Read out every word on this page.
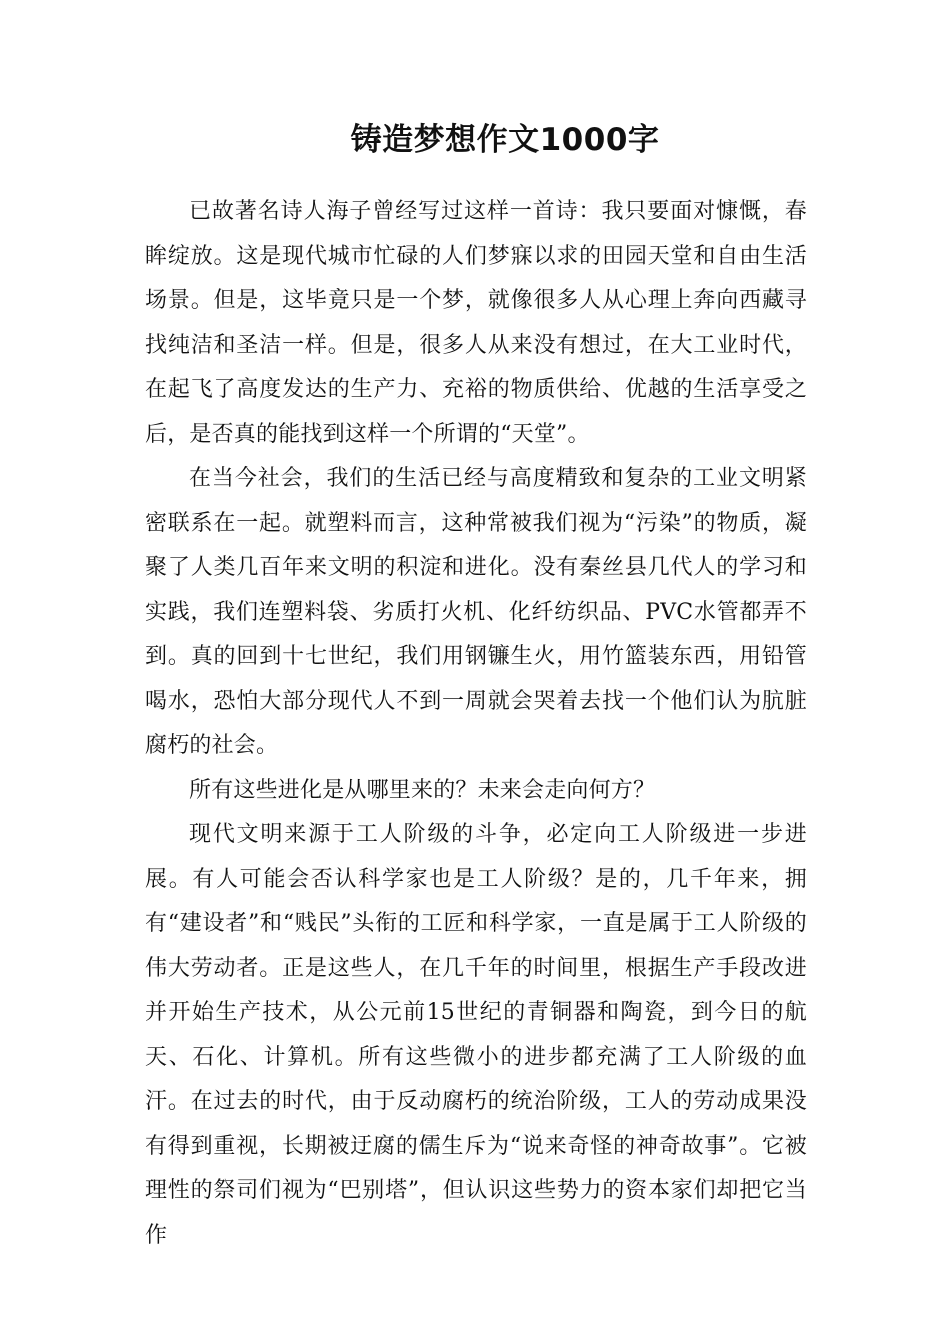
铸造梦想作文1000字

已故著名诗人海子曾经写过这样一首诗：我只要面对慷慨，春眸绽放。这是现代城市忙碌的人们梦寐以求的田园天堂和自由生活场景。但是，这毕竟只是一个梦，就像很多人从心理上奔向西藏寻找纯洁和圣洁一样。但是，很多人从来没有想过，在大工业时代，在起飞了高度发达的生产力、充裕的物质供给、优越的生活享受之后，是否真的能找到这样一个所谓的“天堂”。

在当今社会，我们的生活已经与高度精致和复杂的工业文明紧密联系在一起。就塑料而言，这种常被我们视为“污染”的物质，凝聚了人类几百年来文明的积淀和进化。没有秦丝县几代人的学习和实践，我们连塑料袋、劣质打火机、化纤纺织品、PVC水管都弄不到。真的回到十七世纪，我们用钢镰生火，用竹篮装东西，用铅管喝水，恐怕大部分现代人不到一周就会哭着去找一个他们认为肮脏腐朽的社会。

所有这些进化是从哪里来的？未来会走向何方？

现代文明来源于工人阶级的斗争，必定向工人阶级进一步进展。有人可能会否认科学家也是工人阶级？是的，几千年来，拥有“建设者”和“贱民”头衔的工匠和科学家，一直是属于工人阶级的伟大劳动者。正是这些人，在几千年的时间里，根据生产手段改进并开始生产技术，从公元前15世纪的青铜器和陶瓷，到今日的航天、石化、计算机。所有这些微小的进步都充满了工人阶级的血汗。在过去的时代，由于反动腐朽的统治阶级，工人的劳动成果没有得到重视，长期被迂腐的儒生斥为“说来奇怪的神奇故事”。它被理性的祭司们视为“巴别塔”，但认识这些势力的资本家们却把它当作
